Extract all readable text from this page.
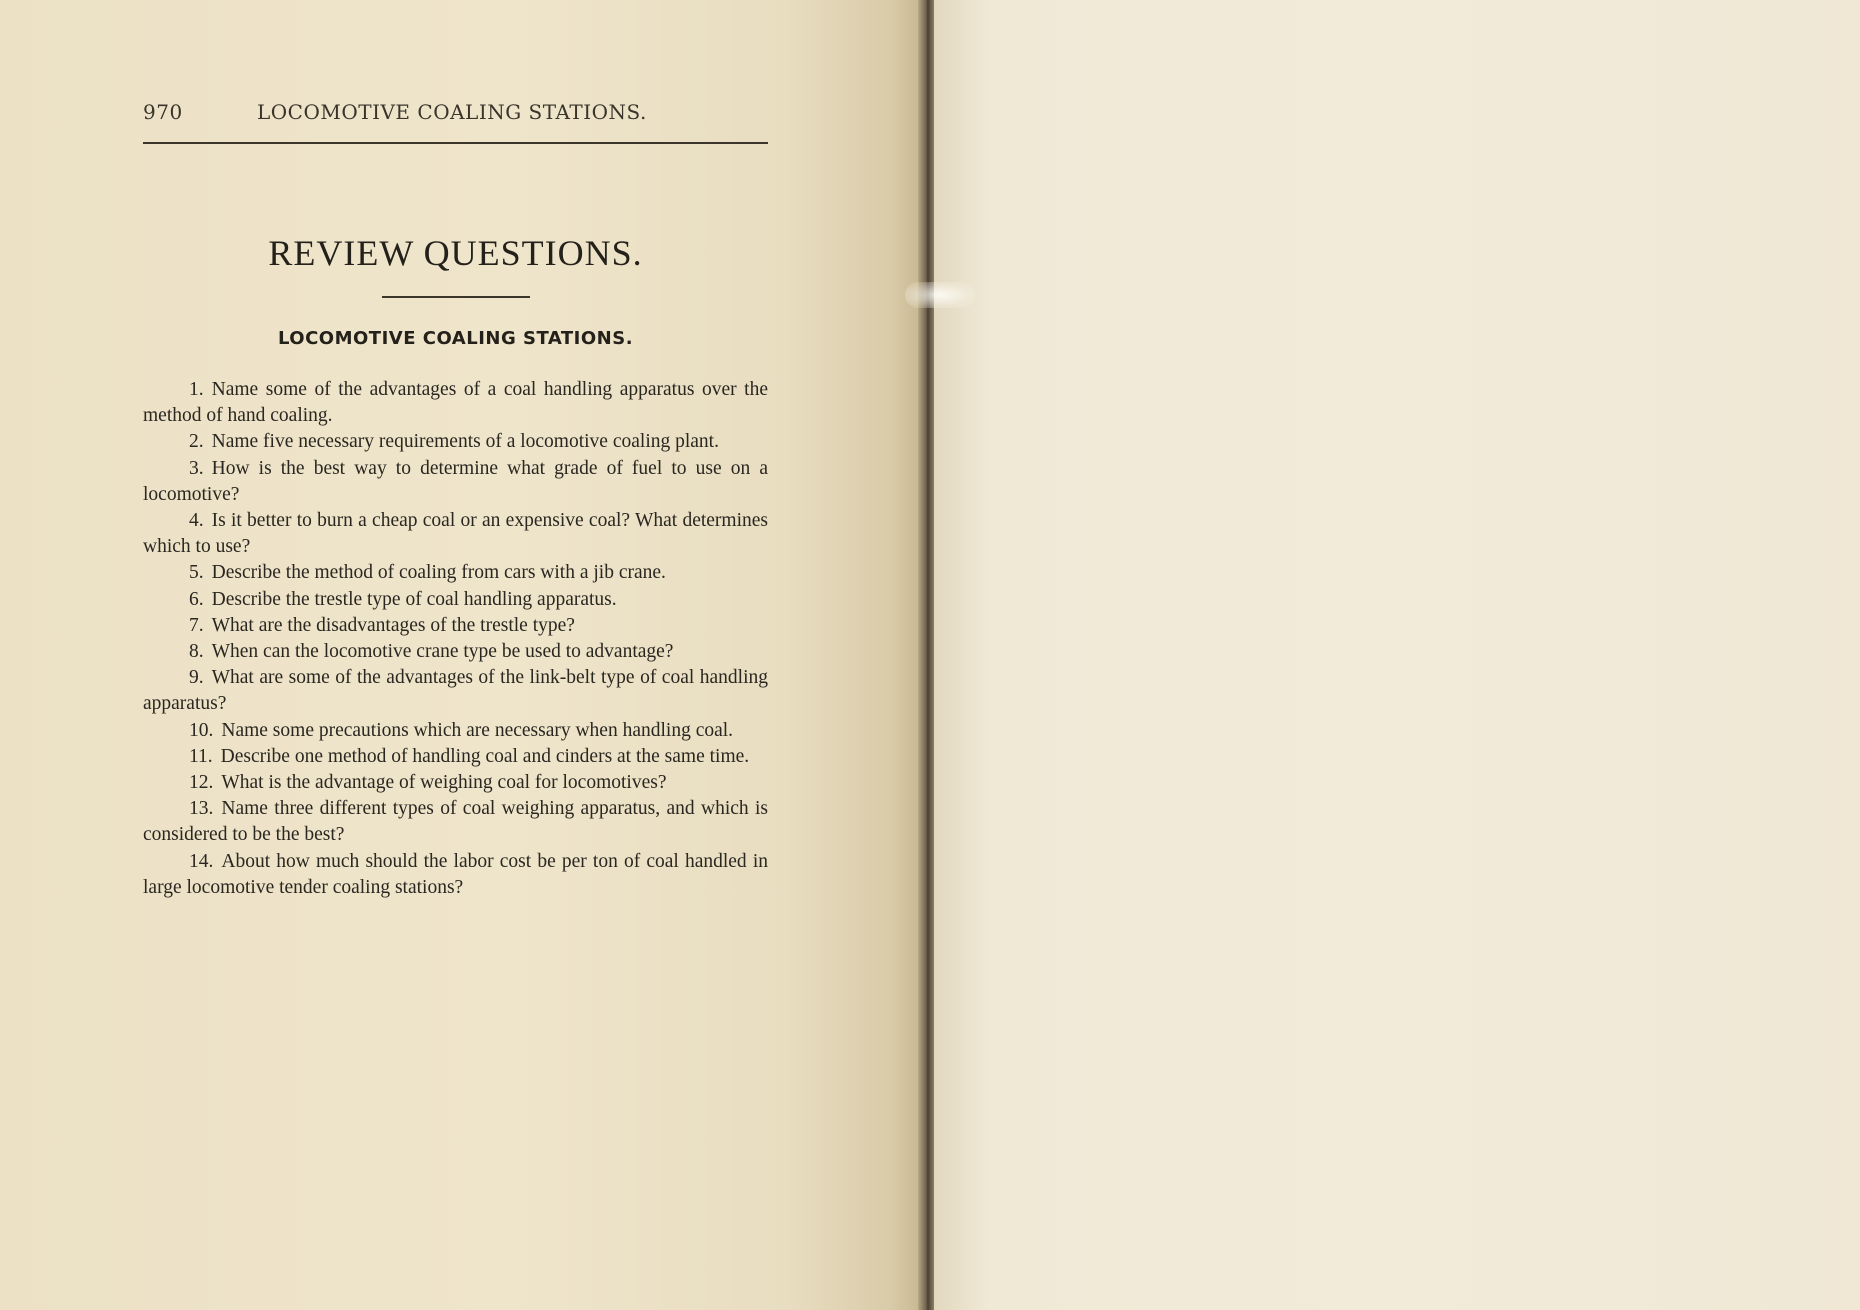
970	LOCOMOTIVE COALING STATIONS.
REVIEW QUESTIONS.
LOCOMOTIVE COALING STATIONS.

1. Name some of the advantages of a coal handling apparatus over the method of hand coaling.

2. Name five necessary requirements of a locomotive coaling plant.

3. How is the best way to determine what grade of fuel to use on a locomotive?

4. Is it better to burn a cheap coal or an expensive coal? What determines which to use?

5. Describe the method of coaling from cars with a jib crane.

6. Describe the trestle type of coal handling apparatus.

7. What are the disadvantages of the trestle type?

8. When can the locomotive crane type be used to advantage?

9. What are some of the advantages of the link-belt type of coal handling apparatus?

10. Name some precautions which are necessary when handling coal.

11. Describe one method of handling coal and cinders at the same time.

12. What is the advantage of weighing coal for locomotives?

13. Name three different types of coal weighing apparatus, and which is considered to be the best?

14. About how much should the labor cost be per ton of coal handled in large locomotive tender coaling stations?
